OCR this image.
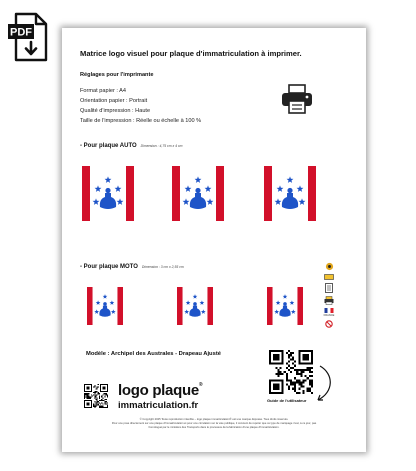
PDF
Matrice logo visuel pour plaque d'immatriculation à imprimer.
Réglages pour l'imprimante
Format papier : A4
Orientation papier : Portrait
Qualité d'impression : Haute
Taille de l'impression : Réelle ou échelle à 100 %
- Pour plaque AUTO Dimension : 4,75 cm x 4 cm
- Pour plaque MOTO Dimension : 3 cm x 2,55 cm
FRANCE
Modèle : Archipel des Australes - Drapeau Ajusté
Guide de l'utilisateur
logo plaque®
immatriculation.fr
© Copyright 2025 Toute reproduction interdite – logo plaque immatriculation® est une marque déposée. Tous droits réservés.
Pour une pose directement sur une plaque d'immatriculation et pour une circulation sur la voie publique, il convient de repérer que ce type de marquage n'est, à ce jour, pas
homologué par le ministère des Transports dans le processus de la fabrication d'une plaque d'immatriculation.
